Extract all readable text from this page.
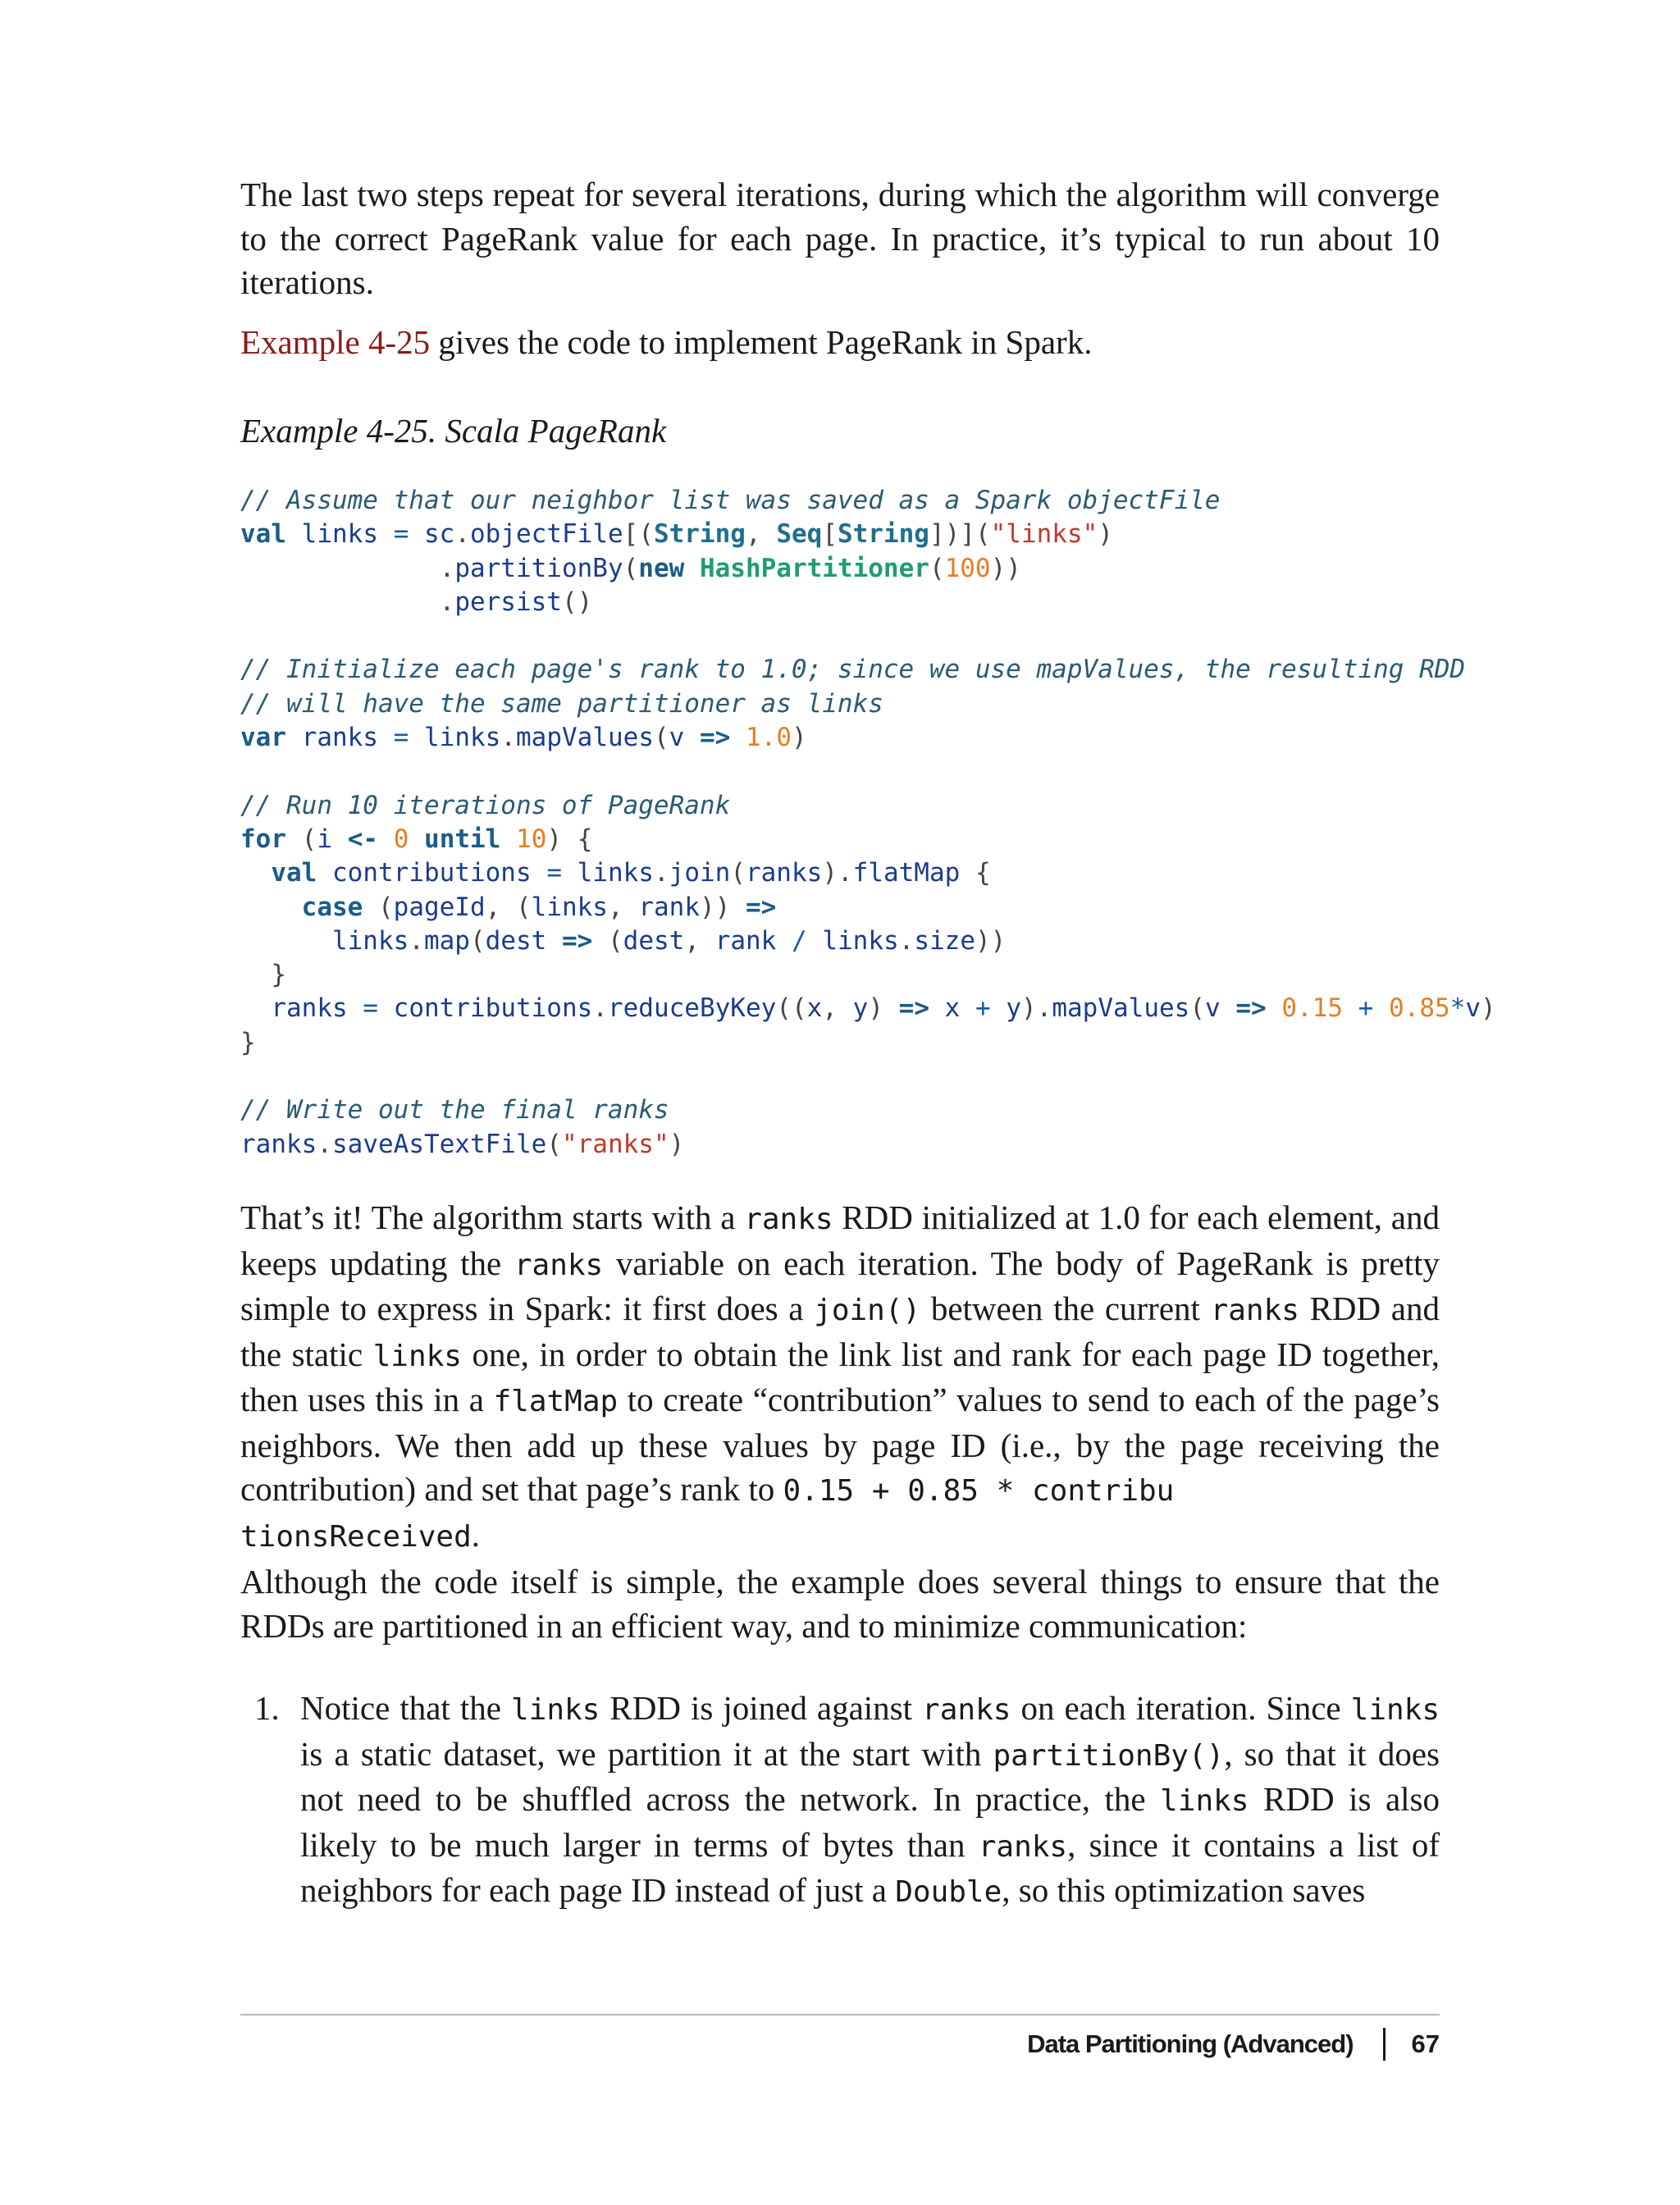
The last two steps repeat for several iterations, during which the algorithm will converge to the correct PageRank value for each page. In practice, it’s typical to run about 10 iterations.

Example 4-25 gives the code to implement PageRank in Spark.

Example 4-25. Scala PageRank

// Assume that our neighbor list was saved as a Spark objectFile
val links = sc.objectFile[(String, Seq[String])]("links")
.partitionBy(new HashPartitioner(100))
.persist()

// Initialize each page's rank to 1.0; since we use mapValues, the resulting RDD
// will have the same partitioner as links
var ranks = links.mapValues(v => 1.0)

// Run 10 iterations of PageRank
for (i <- 0 until 10) {
val contributions = links.join(ranks).flatMap {
case (pageId, (links, rank)) =>
links.map(dest => (dest, rank / links.size))
}
ranks = contributions.reduceByKey((x, y) => x + y).mapValues(v => 0.15 + 0.85*v)
}

// Write out the final ranks
ranks.saveAsTextFile("ranks")

That’s it! The algorithm starts with a ranks RDD initialized at 1.0 for each element, and keeps updating the ranks variable on each iteration. The body of PageRank is pretty simple to express in Spark: it first does a join() between the current ranks RDD and the static links one, in order to obtain the link list and rank for each page ID together, then uses this in a flatMap to create “contribution” values to send to each of the page’s neighbors. We then add up these values by page ID (i.e., by the page receiving the contribution) and set that page’s rank to 0.15 + 0.85 * contribu
tionsReceived.

Although the code itself is simple, the example does several things to ensure that the RDDs are partitioned in an efficient way, and to minimize communication:

1. Notice that the links RDD is joined against ranks on each iteration. Since links is a static dataset, we partition it at the start with partitionBy(), so that it does not need to be shuffled across the network. In practice, the links RDD is also likely to be much larger in terms of bytes than ranks, since it contains a list of neighbors for each page ID instead of just a Double, so this optimization saves

Data Partitioning (Advanced) 67
